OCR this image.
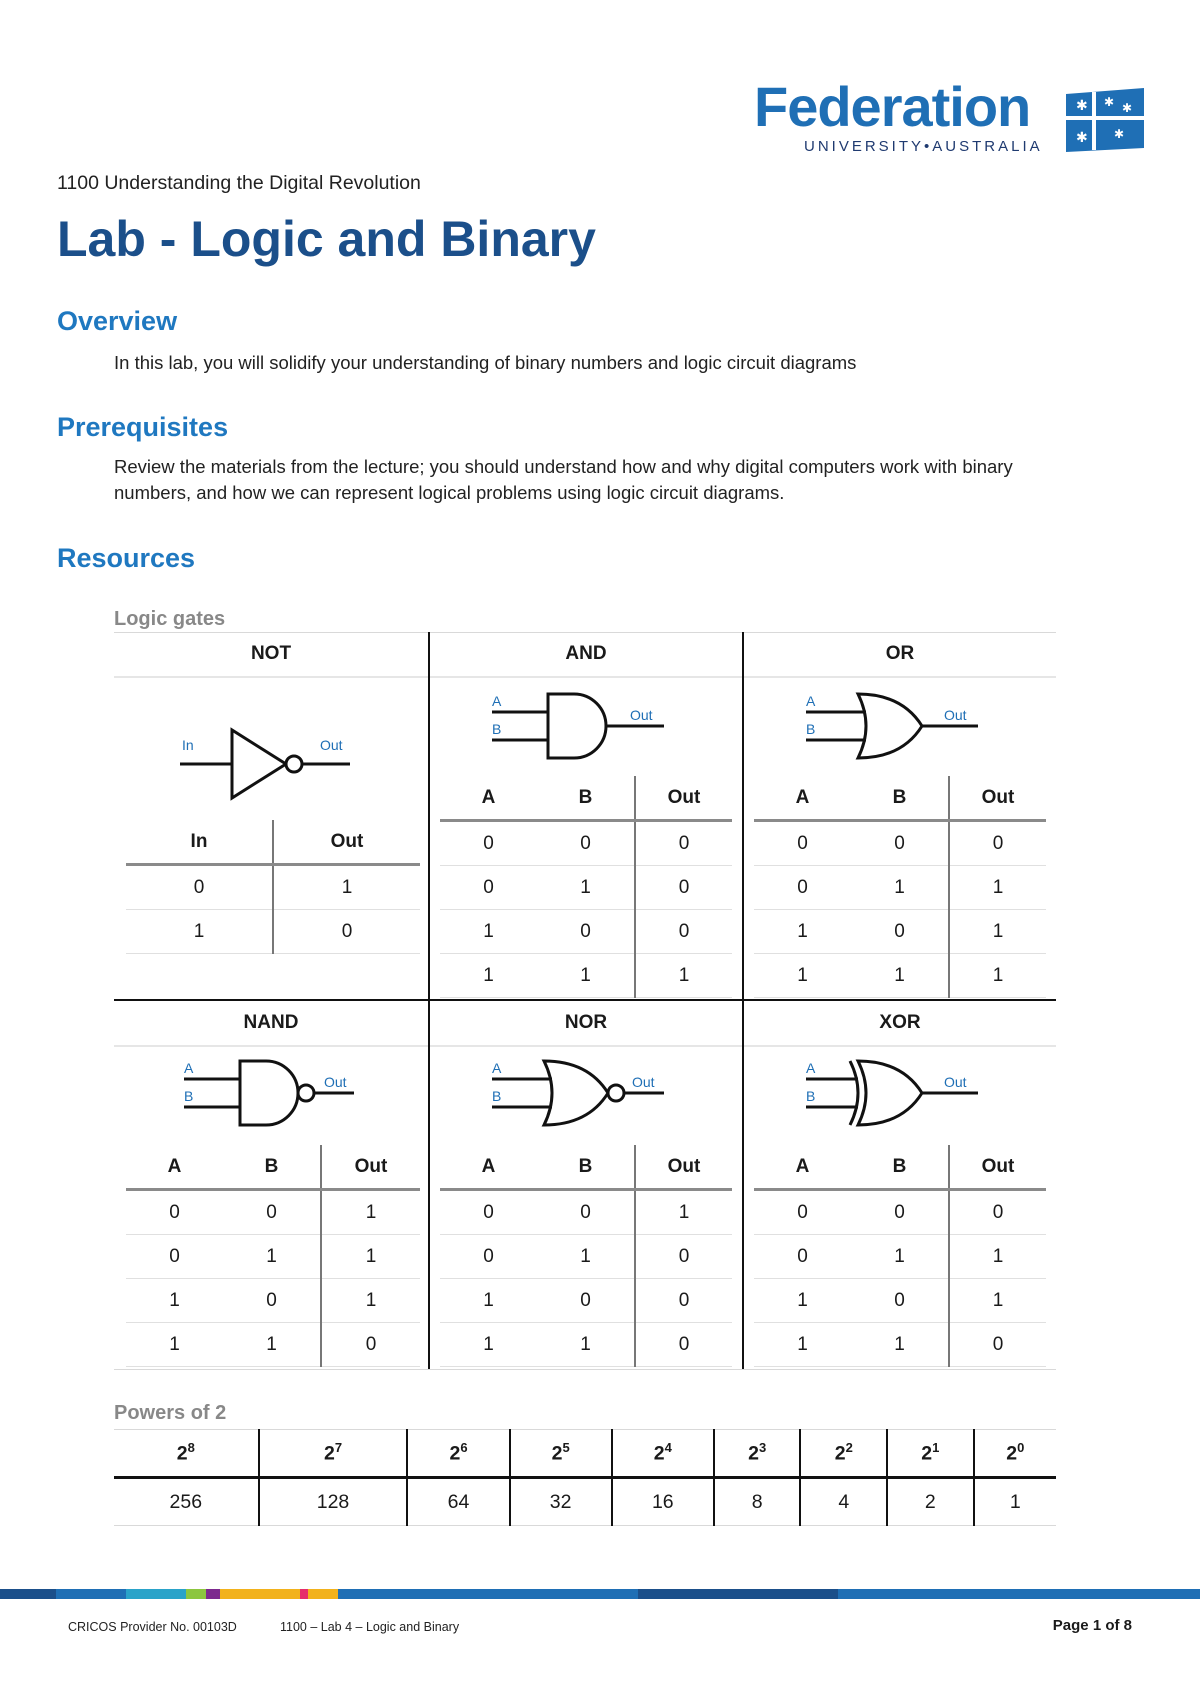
Federation
UNIVERSITY•AUSTRALIA
✱ ✱ ✱
✱ ✱
1100 Understanding the Digital Revolution
Lab - Logic and Binary
Overview
In this lab, you will solidify your understanding of binary numbers and logic circuit diagrams
Prerequisites
Review the materials from the lecture; you should understand how and why digital computers work with binary numbers, and how we can represent logical problems using logic circuit diagrams.
Resources
Logic gates
NOT
In	Out
In	Out
0	1
1	0
AND
A
B
Out
A	B	Out
0	0	0
0	1	0
1	0	0
1	1	1
OR
A
B
Out
A	B	Out
0	0	0
0	1	1
1	0	1
1	1	1
NAND
A
B
Out
A	B	Out
0	0	1
0	1	1
1	0	1
1	1	0
NOR
A
B
Out
A	B	Out
0	0	1
0	1	0
1	0	0
1	1	0
XOR
A
B
Out
A	B	Out
0	0	0
0	1	1
1	0	1
1	1	0
Powers of 2
$2^8$	$2^7$	$2^6$	$2^5$	$2^4$	$2^3$	$2^2$	$2^1$	$2^0$
256	128	64	32	16	8	4	2	1
CRICOS Provider No. 00103D	1100 – Lab 4 – Logic and Binary	Page 1 of 8
